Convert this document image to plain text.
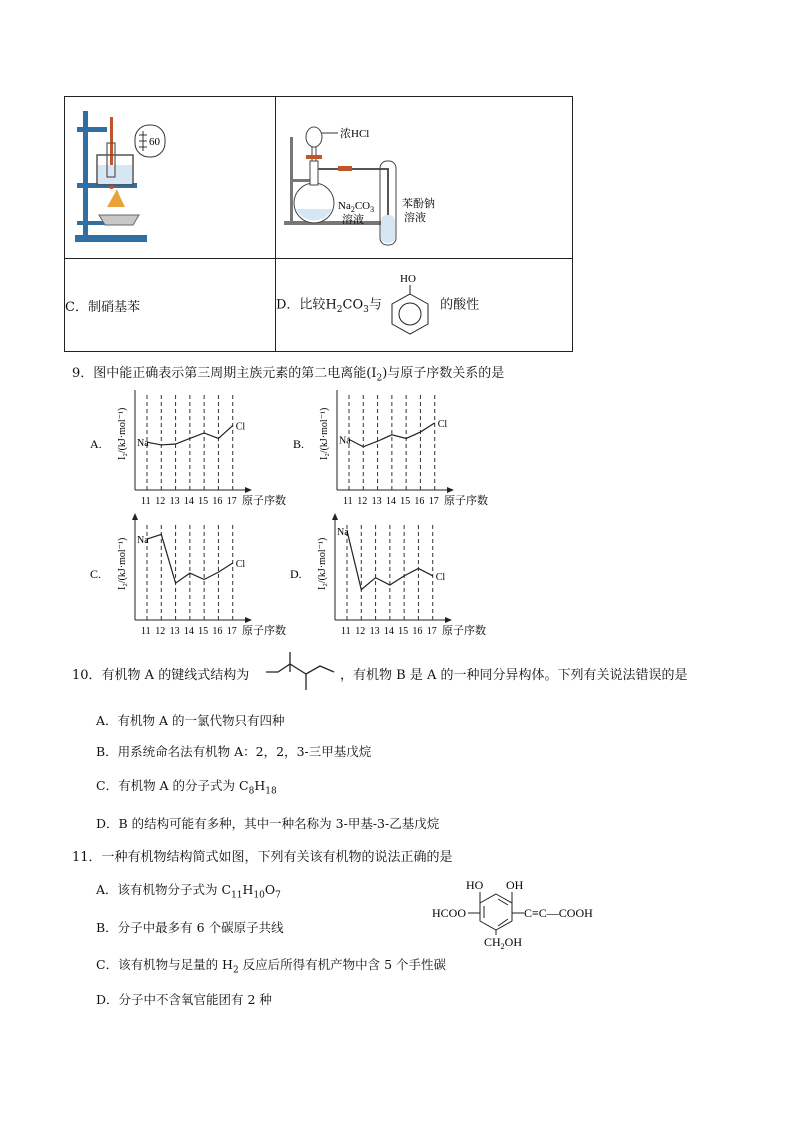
60	浓HCl
$Na_2CO_3$
溶液
苯酚钠
溶液

C．制硝基苯	D．比较$H_2CO_3$与
HO
的酸性
9．图中能正确表示第三周期主族元素的第二电离能$(I_2)$与原子序数关系的是
A. I₂/(kJ·mol⁻¹)
11 12 13 14 15 16 17
Na
Cl
原子序数
B. I₂/(kJ·mol⁻¹)
11 12 13 14 15 16 17
Na
Cl
原子序数
C. I₂/(kJ·mol⁻¹)
11 12 13 14 15 16 17
Na
Cl
原子序数
D. I₂/(kJ·mol⁻¹)
11 12 13 14 15 16 17
Na
Cl
原子序数
10．有机物 A 的键线式结构为	，有机物 B 是 A 的一种同分异构体。下列有关说法错误的是
A．有机物 A 的一氯代物只有四种
B．用系统命名法有机物 A：2，2，3-三甲基戊烷
C．有机物 A 的分子式为 $C_8H_{18}$
D．B 的结构可能有多种，其中一种名称为 3-甲基-3-乙基戊烷
11．一种有机物结构简式如图，下列有关该有机物的说法正确的是
A．该有机物分子式为 $C_{11}H_{10}O_7$
B．分子中最多有 6 个碳原子共线
C．该有机物与足量的 $H_2$ 反应后所得有机产物中含 5 个手性碳
D．分子中不含氧官能团有 2 种
HO OH
HCOO	C≡C—COOH
$CH_2OH$
